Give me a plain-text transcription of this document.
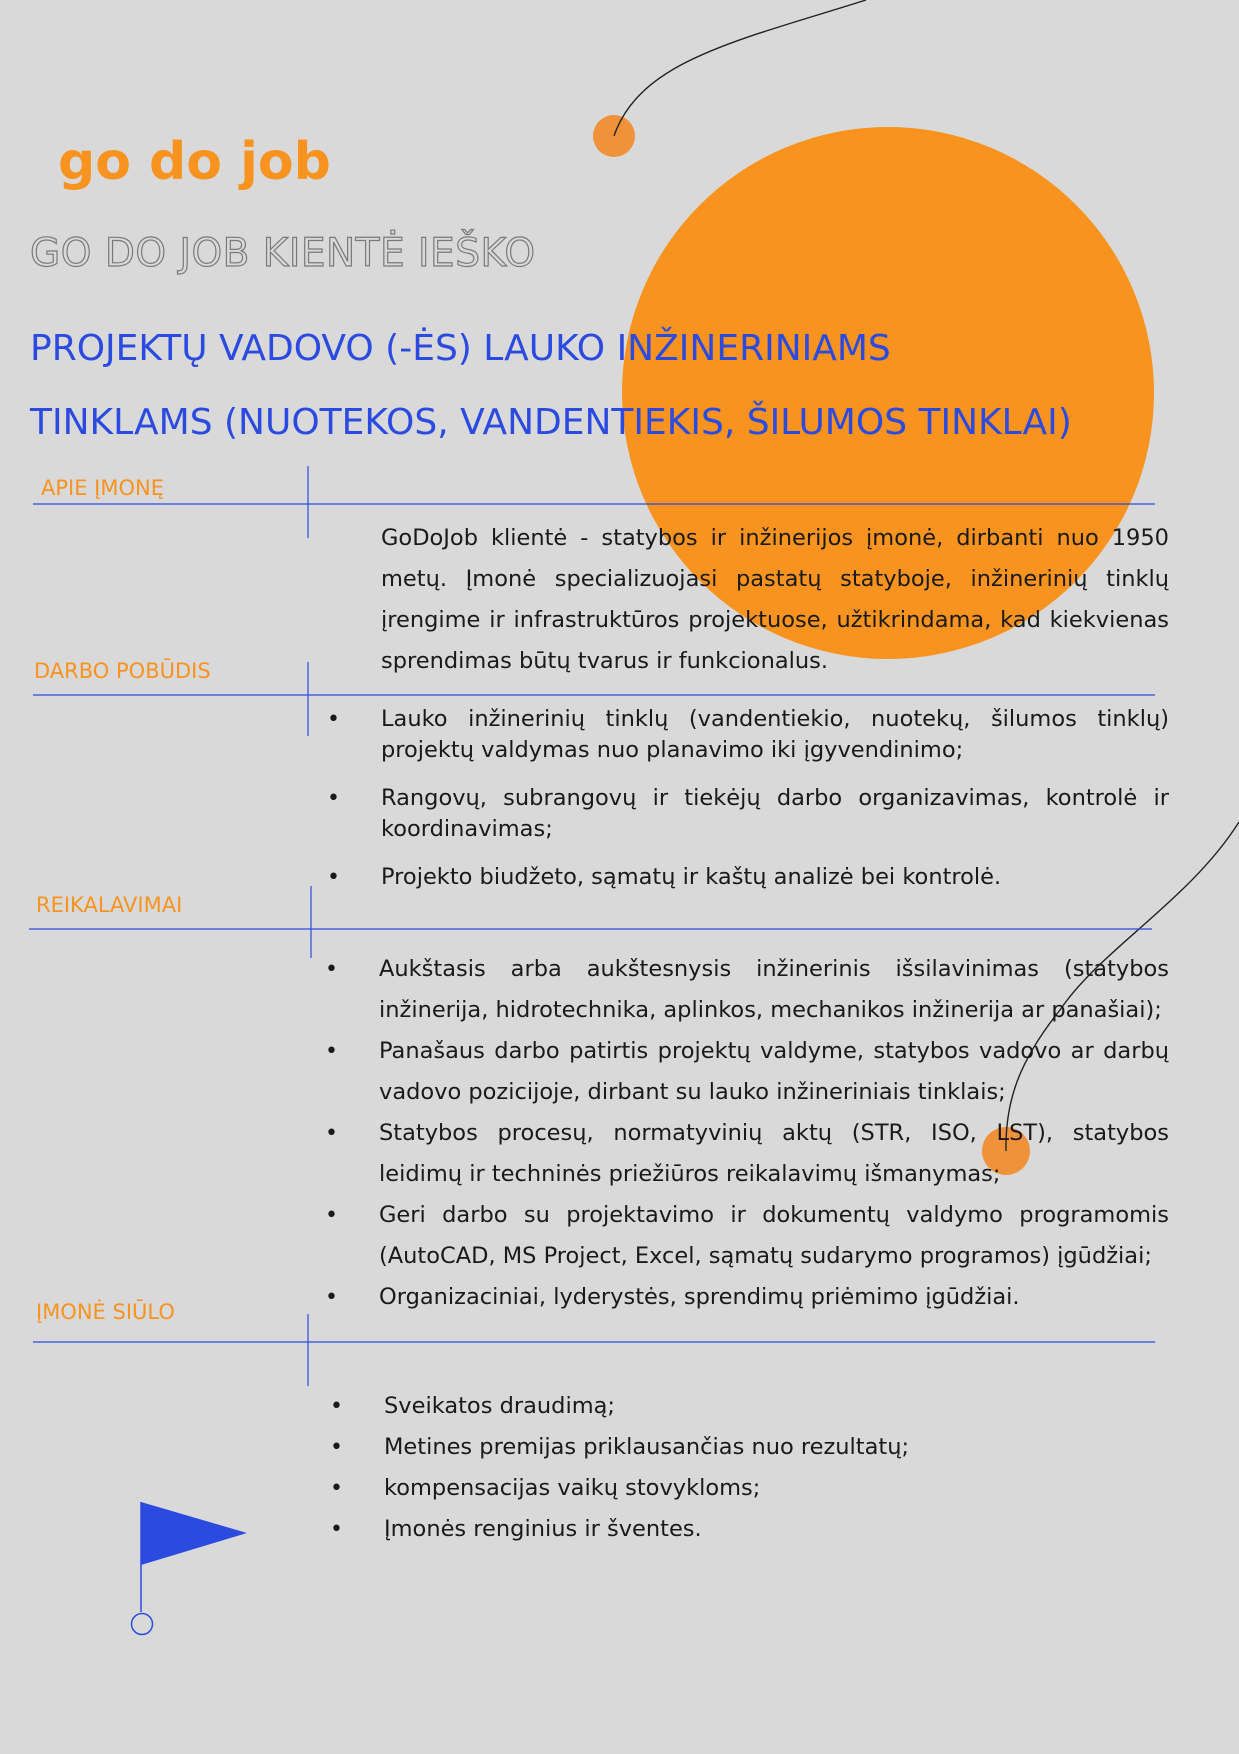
go do job
GO DO JOB KIENTĖ IEŠKO
PROJEKTŲ VADOVO (-ĖS) LAUKO INŽINERINIAMS
TINKLAMS (NUOTEKOS, VANDENTIEKIS, ŠILUMOS TINKLAI)
APIE ĮMONĘ
DARBO POBŪDIS
REIKALAVIMAI
ĮMONĖ SIŪLO
GoDoJob klientė - statybos ir inžinerijos įmonė, dirbanti nuo 1950 metų. Įmonė specializuojasi pastatų statyboje, inžinerinių tinklų įrengime ir infrastruktūros projektuose, užtikrindama, kad kiekvienas sprendimas būtų tvarus ir funkcionalus.
• Lauko inžinerinių tinklų (vandentiekio, nuotekų, šilumos tinklų) projektų valdymas nuo planavimo iki įgyvendinimo;
• Rangovų, subrangovų ir tiekėjų darbo organizavimas, kontrolė ir koordinavimas;
• Projekto biudžeto, sąmatų ir kaštų analizė bei kontrolė.
• Aukštasis arba aukštesnysis inžinerinis išsilavinimas (statybos inžinerija, hidrotechnika, aplinkos, mechanikos inžinerija ar panašiai);
• Panašaus darbo patirtis projektų valdyme, statybos vadovo ar darbų vadovo pozicijoje, dirbant su lauko inžineriniais tinklais;
• Statybos procesų, normatyvinių aktų (STR, ISO, LST), statybos leidimų ir techninės priežiūros reikalavimų išmanymas;
• Geri darbo su projektavimo ir dokumentų valdymo programomis (AutoCAD, MS Project, Excel, sąmatų sudarymo programos) įgūdžiai;
• Organizaciniai, lyderystės, sprendimų priėmimo įgūdžiai.
• Sveikatos draudimą;
• Metines premijas priklausančias nuo rezultatų;
• kompensacijas vaikų stovykloms;
• Įmonės renginius ir šventes.
